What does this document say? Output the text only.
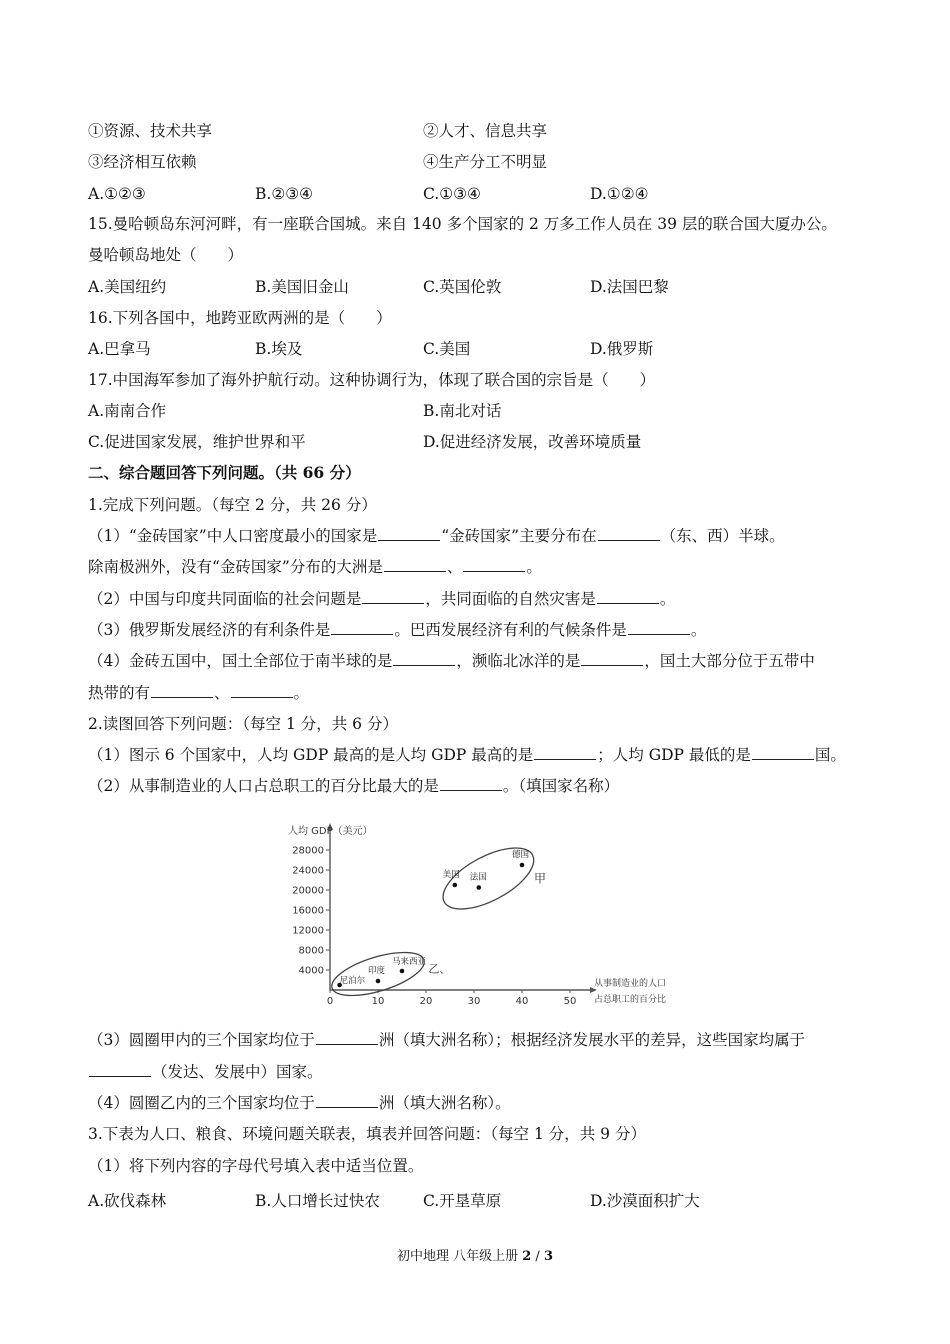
①资源、技术共享	②人才、信息共享
③经济相互依赖	④生产分工不明显
A.①②③	B.②③④	C.①③④	D.①②④
15.曼哈顿岛东河河畔，有一座联合国城。来自 140 多个国家的 2 万多工作人员在 39 层的联合国大厦办公。
曼哈顿岛地处（　　）
A.美国纽约	B.美国旧金山	C.英国伦敦	D.法国巴黎
16.下列各国中，地跨亚欧两洲的是（　　）
A.巴拿马	B.埃及	C.美国	D.俄罗斯
17.中国海军参加了海外护航行动。这种协调行为，体现了联合国的宗旨是（　　）
A.南南合作	B.南北对话
C.促进国家发展，维护世界和平	D.促进经济发展，改善环境质量
二、综合题回答下列问题。（共 66 分）
1.完成下列问题。（每空 2 分，共 26 分）
（1）“金砖国家”中人口密度最小的国家是	“金砖国家”主要分布在	（东、西）半球。
除南极洲外，没有“金砖国家”分布的大洲是	、	。
（2）中国与印度共同面临的社会问题是	，共同面临的自然灾害是	。
（3）俄罗斯发展经济的有利条件是	。巴西发展经济有利的气候条件是	。
（4）金砖五国中，国土全部位于南半球的是	，濒临北冰洋的是	，国土大部分位于五带中
热带的有	、	。
2.读图回答下列问题：（每空 1 分，共 6 分）
（1）图示 6 个国家中，人均 GDP 最高的是人均 GDP 最高的是	；人均 GDP 最低的是	国。
（2）从事制造业的人口占总职工的百分比最大的是	。（填国家名称）
人均 GDP（美元）
从事制造业的人口
占总职工的百分比
4000
8000
12000
16000
20000
24000
28000
0	10	20	30	40	50
甲
乙、
德国
美国 法国
马来西亚
印度
尼泊尔
（3）圆圈甲内的三个国家均位于	洲（填大洲名称）；根据经济发展水平的差异，这些国家均属于
（发达、发展中）国家。
（4）圆圈乙内的三个国家均位于	洲（填大洲名称）。
3.下表为人口、粮食、环境问题关联表，填表并回答问题：（每空 1 分，共 9 分）
（1）将下列内容的字母代号填入表中适当位置。
A.砍伐森林	B.人口增长过快农	C.开垦草原	D.沙漠面积扩大
初中地理 八年级上册 2 / 3
